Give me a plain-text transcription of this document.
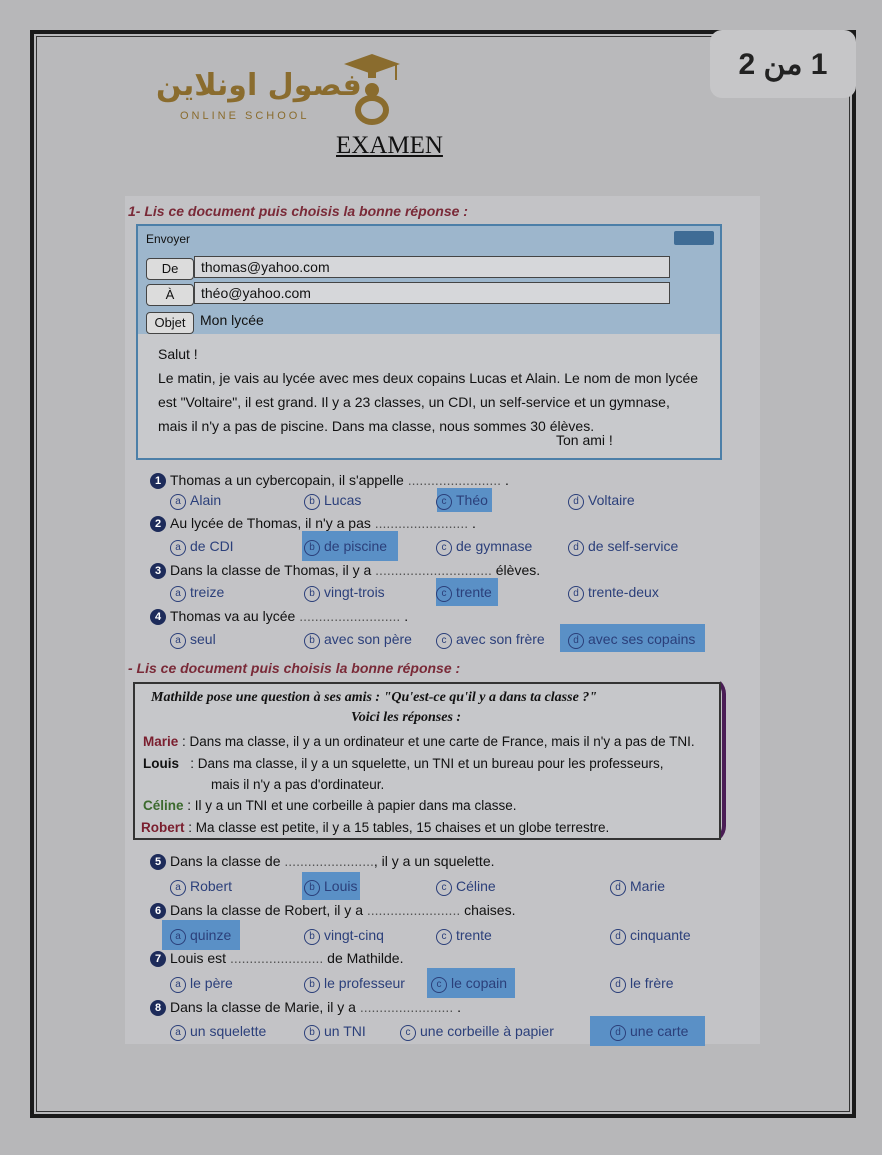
1 من 2
فصول اونلاين
ONLINE SCHOOL
EXAMEN
1- Lis ce document puis choisis la bonne réponse :
Envoyer
De	thomas@yahoo.com
À	théo@yahoo.com
Objet	Mon lycée
Salut !
Le matin, je vais au lycée avec mes deux copains Lucas et Alain. Le nom de mon lycée
est "Voltaire", il est grand. Il y a 23 classes, un CDI, un self-service et un gymnase,
mais il n'y a pas de piscine. Dans ma classe, nous sommes 30 élèves.
Ton ami !
1 Thomas a un cybercopain, il s'appelle ........................ .
a Alain	b Lucas	c Théo	d Voltaire
2 Au lycée de Thomas, il n'y a pas ........................ .
a de CDI	b de piscine	c de gymnase	d de self-service
3 Dans la classe de Thomas, il y a .............................. élèves.
a treize	b vingt-trois	c trente	d trente-deux
4 Thomas va au lycée .......................... .
a seul	b avec son père	c avec son frère	d avec ses copains
- Lis ce document puis choisis la bonne réponse :
Mathilde pose une question à ses amis : "Qu'est-ce qu'il y a dans ta classe ?"
Voici les réponses :
Marie : Dans ma classe, il y a un ordinateur et une carte de France, mais il n'y a pas de TNI.
Louis : Dans ma classe, il y a un squelette, un TNI et un bureau pour les professeurs,
mais il n'y a pas d'ordinateur.
Céline : Il y a un TNI et une corbeille à papier dans ma classe.
Robert : Ma classe est petite, il y a 15 tables, 15 chaises et un globe terrestre.
5 Dans la classe de ......................., il y a un squelette.
a Robert	b Louis	c Céline	d Marie
6 Dans la classe de Robert, il y a ........................ chaises.
a quinze	b vingt-cinq	c trente	d cinquante
7 Louis est ........................ de Mathilde.
a le père	b le professeur	c le copain	d le frère
8 Dans la classe de Marie, il y a ........................ .
a un squelette	b un TNI	c une corbeille à papier	d une carte
